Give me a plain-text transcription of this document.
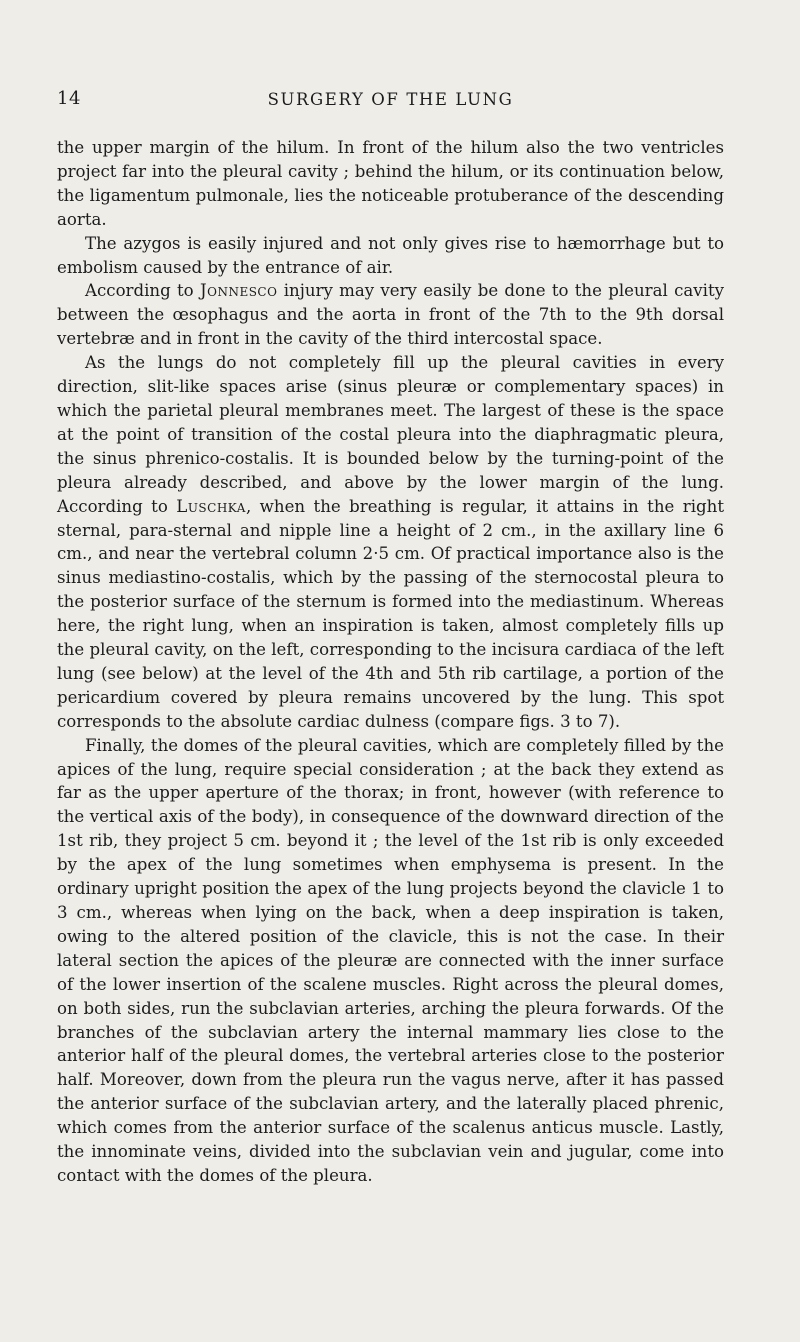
14	SURGERY OF THE LUNG

the upper margin of the hilum. In front of the hilum also the two ventricles project far into the pleural cavity ; behind the hilum, or its continuation below, the ligamentum pulmonale, lies the noticeable protuberance of the descending aorta.

The azygos is easily injured and not only gives rise to hæmorrhage but to embolism caused by the entrance of air.

According to Jonnesco injury may very easily be done to the pleural cavity between the œsophagus and the aorta in front of the 7th to the 9th dorsal vertebræ and in front in the cavity of the third intercostal space.

As the lungs do not completely fill up the pleural cavities in every direction, slit-like spaces arise (sinus pleuræ or complementary spaces) in which the parietal pleural membranes meet. The largest of these is the space at the point of transition of the costal pleura into the diaphragmatic pleura, the sinus phrenico-costalis. It is bounded below by the turning-point of the pleura already described, and above by the lower margin of the lung. According to Luschka, when the breathing is regular, it attains in the right sternal, para-sternal and nipple line a height of 2 cm., in the axillary line 6 cm., and near the vertebral column 2·5 cm. Of practical importance also is the sinus mediastino-costalis, which by the passing of the sternocostal pleura to the posterior surface of the sternum is formed into the mediastinum. Whereas here, the right lung, when an inspiration is taken, almost completely fills up the pleural cavity, on the left, corresponding to the incisura cardiaca of the left lung (see below) at the level of the 4th and 5th rib cartilage, a portion of the pericardium covered by pleura remains uncovered by the lung. This spot corresponds to the absolute cardiac dulness (compare figs. 3 to 7).

Finally, the domes of the pleural cavities, which are completely filled by the apices of the lung, require special consideration ; at the back they extend as far as the upper aperture of the thorax; in front, however (with reference to the vertical axis of the body), in consequence of the downward direction of the 1st rib, they project 5 cm. beyond it ; the level of the 1st rib is only exceeded by the apex of the lung sometimes when emphysema is present. In the ordinary upright position the apex of the lung projects beyond the clavicle 1 to 3 cm., whereas when lying on the back, when a deep inspiration is taken, owing to the altered position of the clavicle, this is not the case. In their lateral section the apices of the pleuræ are connected with the inner surface of the lower insertion of the scalene muscles. Right across the pleural domes, on both sides, run the subclavian arteries, arching the pleura forwards. Of the branches of the subclavian artery the internal mammary lies close to the anterior half of the pleural domes, the vertebral arteries close to the posterior half. Moreover, down from the pleura run the vagus nerve, after it has passed the anterior surface of the subclavian artery, and the laterally placed phrenic, which comes from the anterior surface of the scalenus anticus muscle. Lastly, the innominate veins, divided into the subclavian vein and jugular, come into contact with the domes of the pleura.
